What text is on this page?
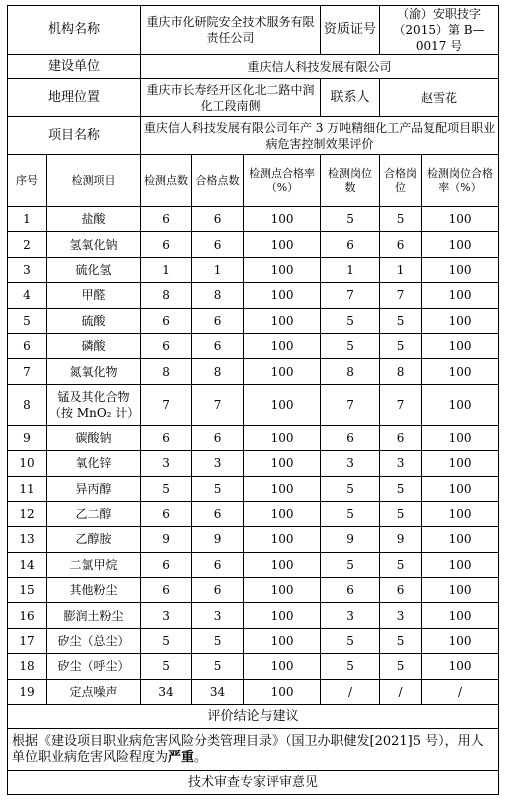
机构名称		重庆市化研院安全技术服务有限责任公司			资质证号	（渝）安职技字（2015）第 B—0017 号	
建设单位		重庆信人科技发展有限公司					
地理位置		重庆市长寿经开区化北二路中润化工段南侧			联系人	赵雪花	
项目名称		重庆信人科技发展有限公司年产 3 万吨精细化工产品复配项目职业病危害控制效果评价					
序号	检测项目	检测点数	合格点数	检测点合格率（%）	检测岗位数	合格岗位	检测岗位合格率（%）
1	盐酸	6	6	100	5	5	100
2	氢氧化钠	6	6	100	6	6	100
3	硫化氢	1	1	100	1	1	100
4	甲醛	8	8	100	7	7	100
5	硫酸	6	6	100	5	5	100
6	磷酸	6	6	100	5	5	100
7	氮氧化物	8	8	100	8	8	100
8	锰及其化合物（按 MnO₂ 计）	7	7	100	7	7	100
9	碳酸钠	6	6	100	6	6	100
10	氧化锌	3	3	100	3	3	100
11	异丙醇	5	5	100	5	5	100
12	乙二醇	6	6	100	5	5	100
13	乙醇胺	9	9	100	9	9	100
14	二氯甲烷	6	6	100	5	5	100
15	其他粉尘	6	6	100	6	6	100
16	膨润土粉尘	3	3	100	3	3	100
17	矽尘（总尘）	5	5	100	5	5	100
18	矽尘（呼尘）	5	5	100	5	5	100
19	定点噪声	34	34	100	/	/	/
评价结论与建议							
根据《建设项目职业病危害风险分类管理目录》（国卫办职健发[2021]5 号），用人单位职业病危害风险程度为严重。							
技术审查专家评审意见							
